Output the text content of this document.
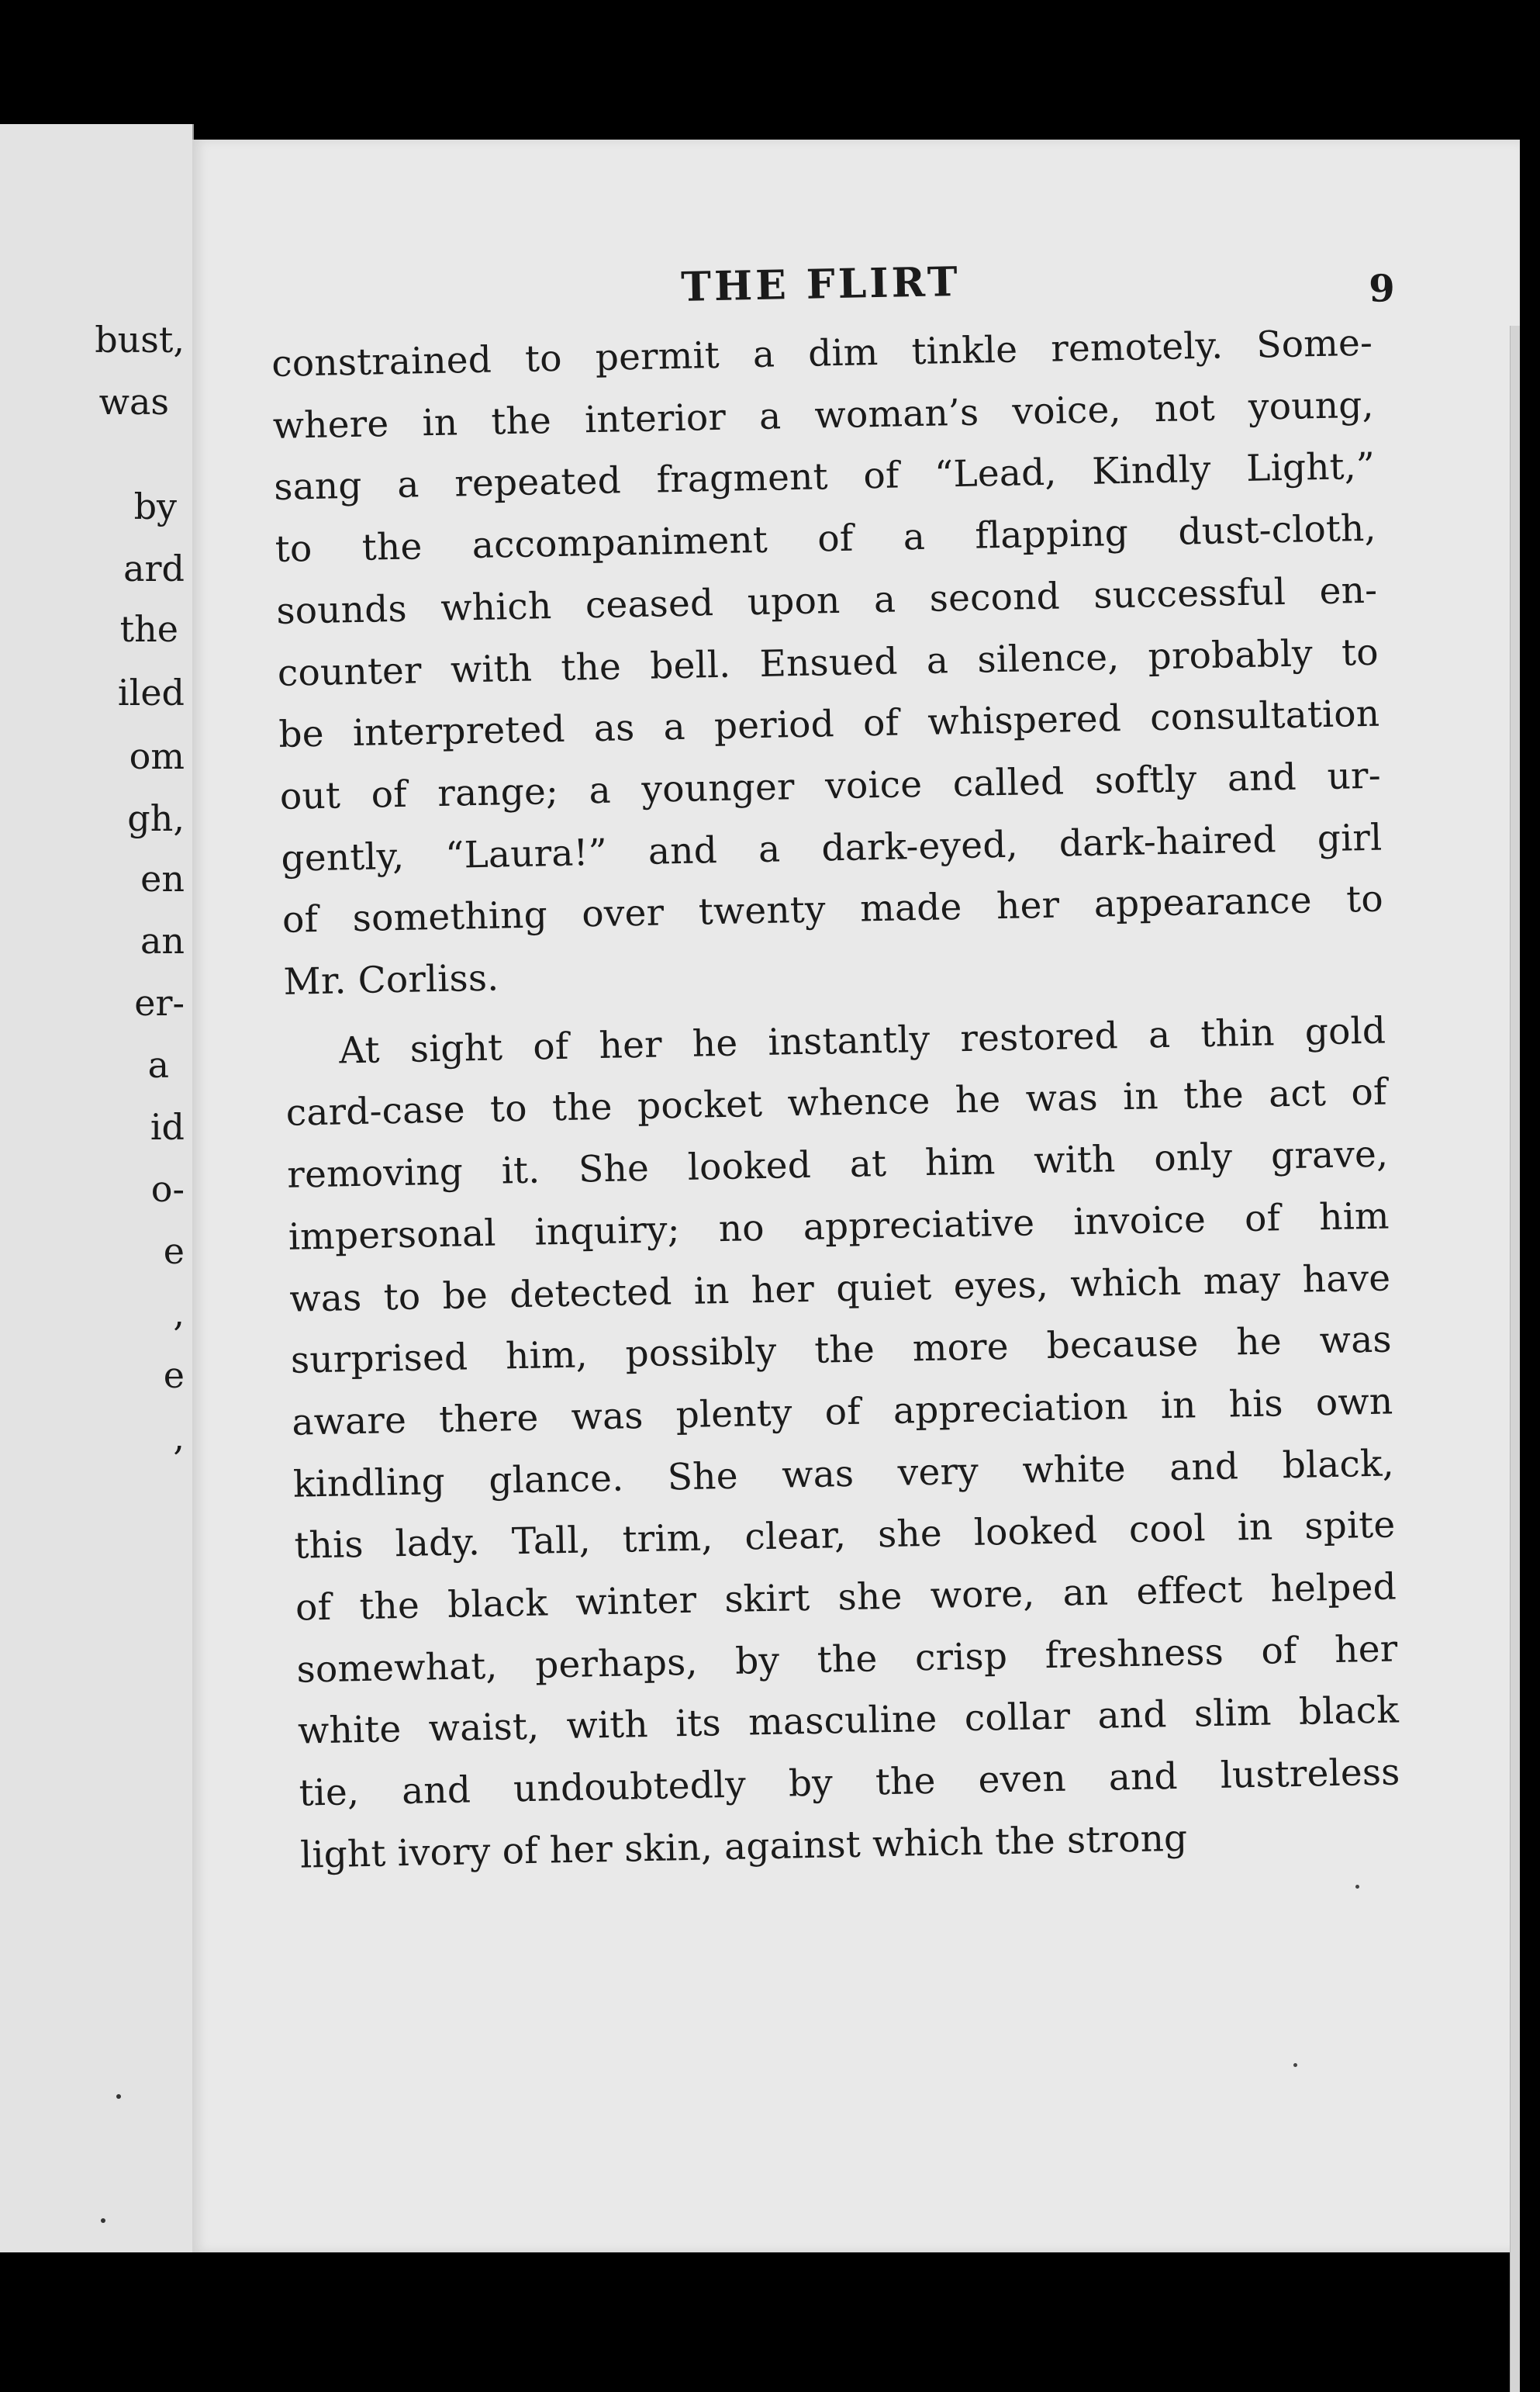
bust,
was
by
ard
the
iled
om
gh,
en
an
er-
a
id
o-
e
,
e
,
THE FLIRT	9

constrained to permit a dim tinkle remotely. Some-
where in the interior a woman’s voice, not young,
sang a repeated fragment of “Lead, Kindly Light,”
to the accompaniment of a flapping dust-cloth,
sounds which ceased upon a second successful en-
counter with the bell. Ensued a silence, probably to
be interpreted as a period of whispered consultation
out of range; a younger voice called softly and ur-
gently, “Laura!” and a dark-eyed, dark-haired girl
of something over twenty made her appearance to
Mr. Corliss.

At sight of her he instantly restored a thin gold
card-case to the pocket whence he was in the act of
removing it. She looked at him with only grave,
impersonal inquiry; no appreciative invoice of him
was to be detected in her quiet eyes, which may have
surprised him, possibly the more because he was
aware there was plenty of appreciation in his own
kindling glance. She was very white and black,
this lady. Tall, trim, clear, she looked cool in spite
of the black winter skirt she wore, an effect helped
somewhat, perhaps, by the crisp freshness of her
white waist, with its masculine collar and slim black
tie, and undoubtedly by the even and lustreless
light ivory of her skin, against which the strong
